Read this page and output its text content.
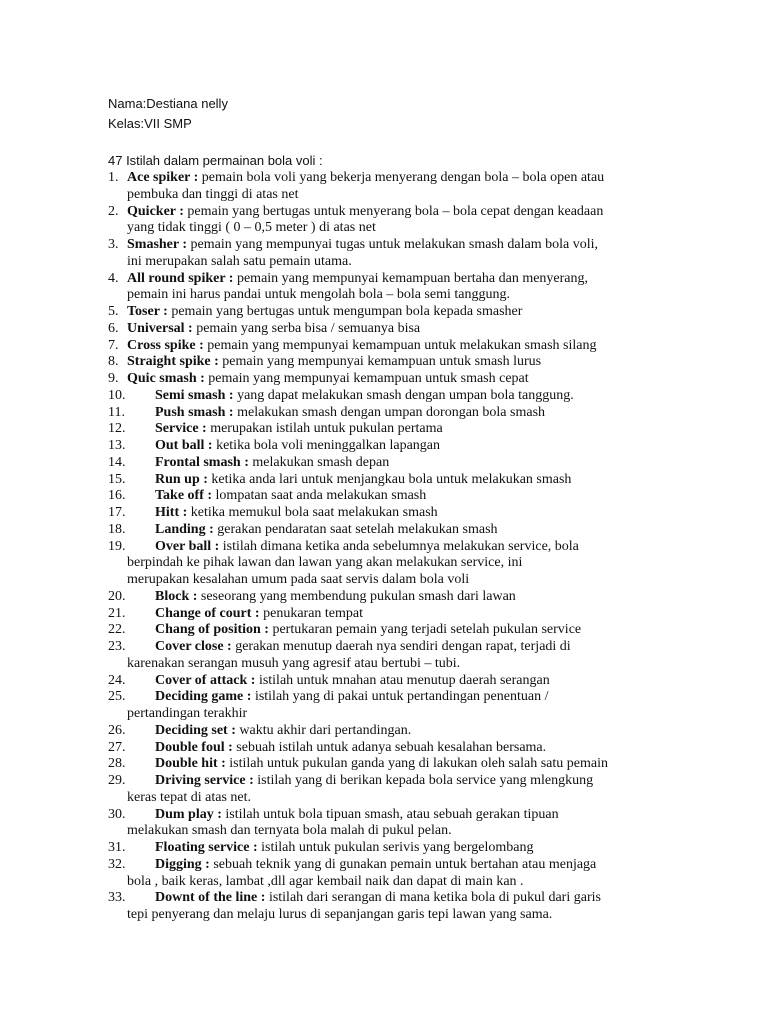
Nama:Destiana nelly
Kelas:VII SMP
47 Istilah dalam permainan bola voli :
1. Ace spiker : pemain bola voli yang bekerja menyerang dengan bola – bola open atau
pembuka dan tinggi di atas net
2. Quicker : pemain yang bertugas untuk menyerang bola – bola cepat dengan keadaan
yang tidak tinggi ( 0 – 0,5 meter ) di atas net
3. Smasher : pemain yang mempunyai tugas untuk melakukan smash dalam bola voli,
ini merupakan salah satu pemain utama.
4. All round spiker : pemain yang mempunyai kemampuan bertaha dan menyerang,
pemain ini harus pandai untuk mengolah bola – bola semi tanggung.
5. Toser : pemain yang bertugas untuk mengumpan bola kepada smasher
6. Universal : pemain yang serba bisa / semuanya bisa
7. Cross spike : pemain yang mempunyai kemampuan untuk melakukan smash silang
8. Straight spike : pemain yang mempunyai kemampuan untuk smash lurus
9. Quic smash : pemain yang mempunyai kemampuan untuk smash cepat
10.	Semi smash : yang dapat melakukan smash dengan umpan bola tanggung.
11.	Push smash : melakukan smash dengan umpan dorongan bola smash
12.	Service : merupakan istilah untuk pukulan pertama
13.	Out ball : ketika bola voli meninggalkan lapangan
14.	Frontal smash : melakukan smash depan
15.	Run up : ketika anda lari untuk menjangkau bola untuk melakukan smash
16.	Take off : lompatan saat anda melakukan smash
17.	Hitt : ketika memukul bola saat melakukan smash
18.	Landing : gerakan pendaratan saat setelah melakukan smash
19.	Over ball : istilah dimana ketika anda sebelumnya melakukan service, bola
berpindah ke pihak lawan dan lawan yang akan melakukan service, ini
merupakan kesalahan umum pada saat servis dalam bola voli
20.	Block : seseorang yang membendung pukulan smash dari lawan
21.	Change of court : penukaran tempat
22.	Chang of position : pertukaran pemain yang terjadi setelah pukulan service
23.	Cover close : gerakan menutup daerah nya sendiri dengan rapat, terjadi di
karenakan serangan musuh yang agresif atau bertubi – tubi.
24.	Cover of attack : istilah untuk mnahan atau menutup daerah serangan
25.	Deciding game : istilah yang di pakai untuk pertandingan penentuan /
pertandingan terakhir
26.	Deciding set : waktu akhir dari pertandingan.
27.	Double foul : sebuah istilah untuk adanya sebuah kesalahan bersama.
28.	Double hit : istilah untuk pukulan ganda yang di lakukan oleh salah satu pemain
29.	Driving service : istilah yang di berikan kepada bola service yang mlengkung
keras tepat di atas net.
30.	Dum play : istilah untuk bola tipuan smash, atau sebuah gerakan tipuan
melakukan smash dan ternyata bola malah di pukul pelan.
31.	Floating service : istilah untuk pukulan serivis yang bergelombang
32.	Digging : sebuah teknik yang di gunakan pemain untuk bertahan atau menjaga
bola , baik keras, lambat ,dll agar kembail naik dan dapat di main kan .
33.	Downt of the line : istilah dari serangan di mana ketika bola di pukul dari garis
tepi penyerang dan melaju lurus di sepanjangan garis tepi lawan yang sama.
